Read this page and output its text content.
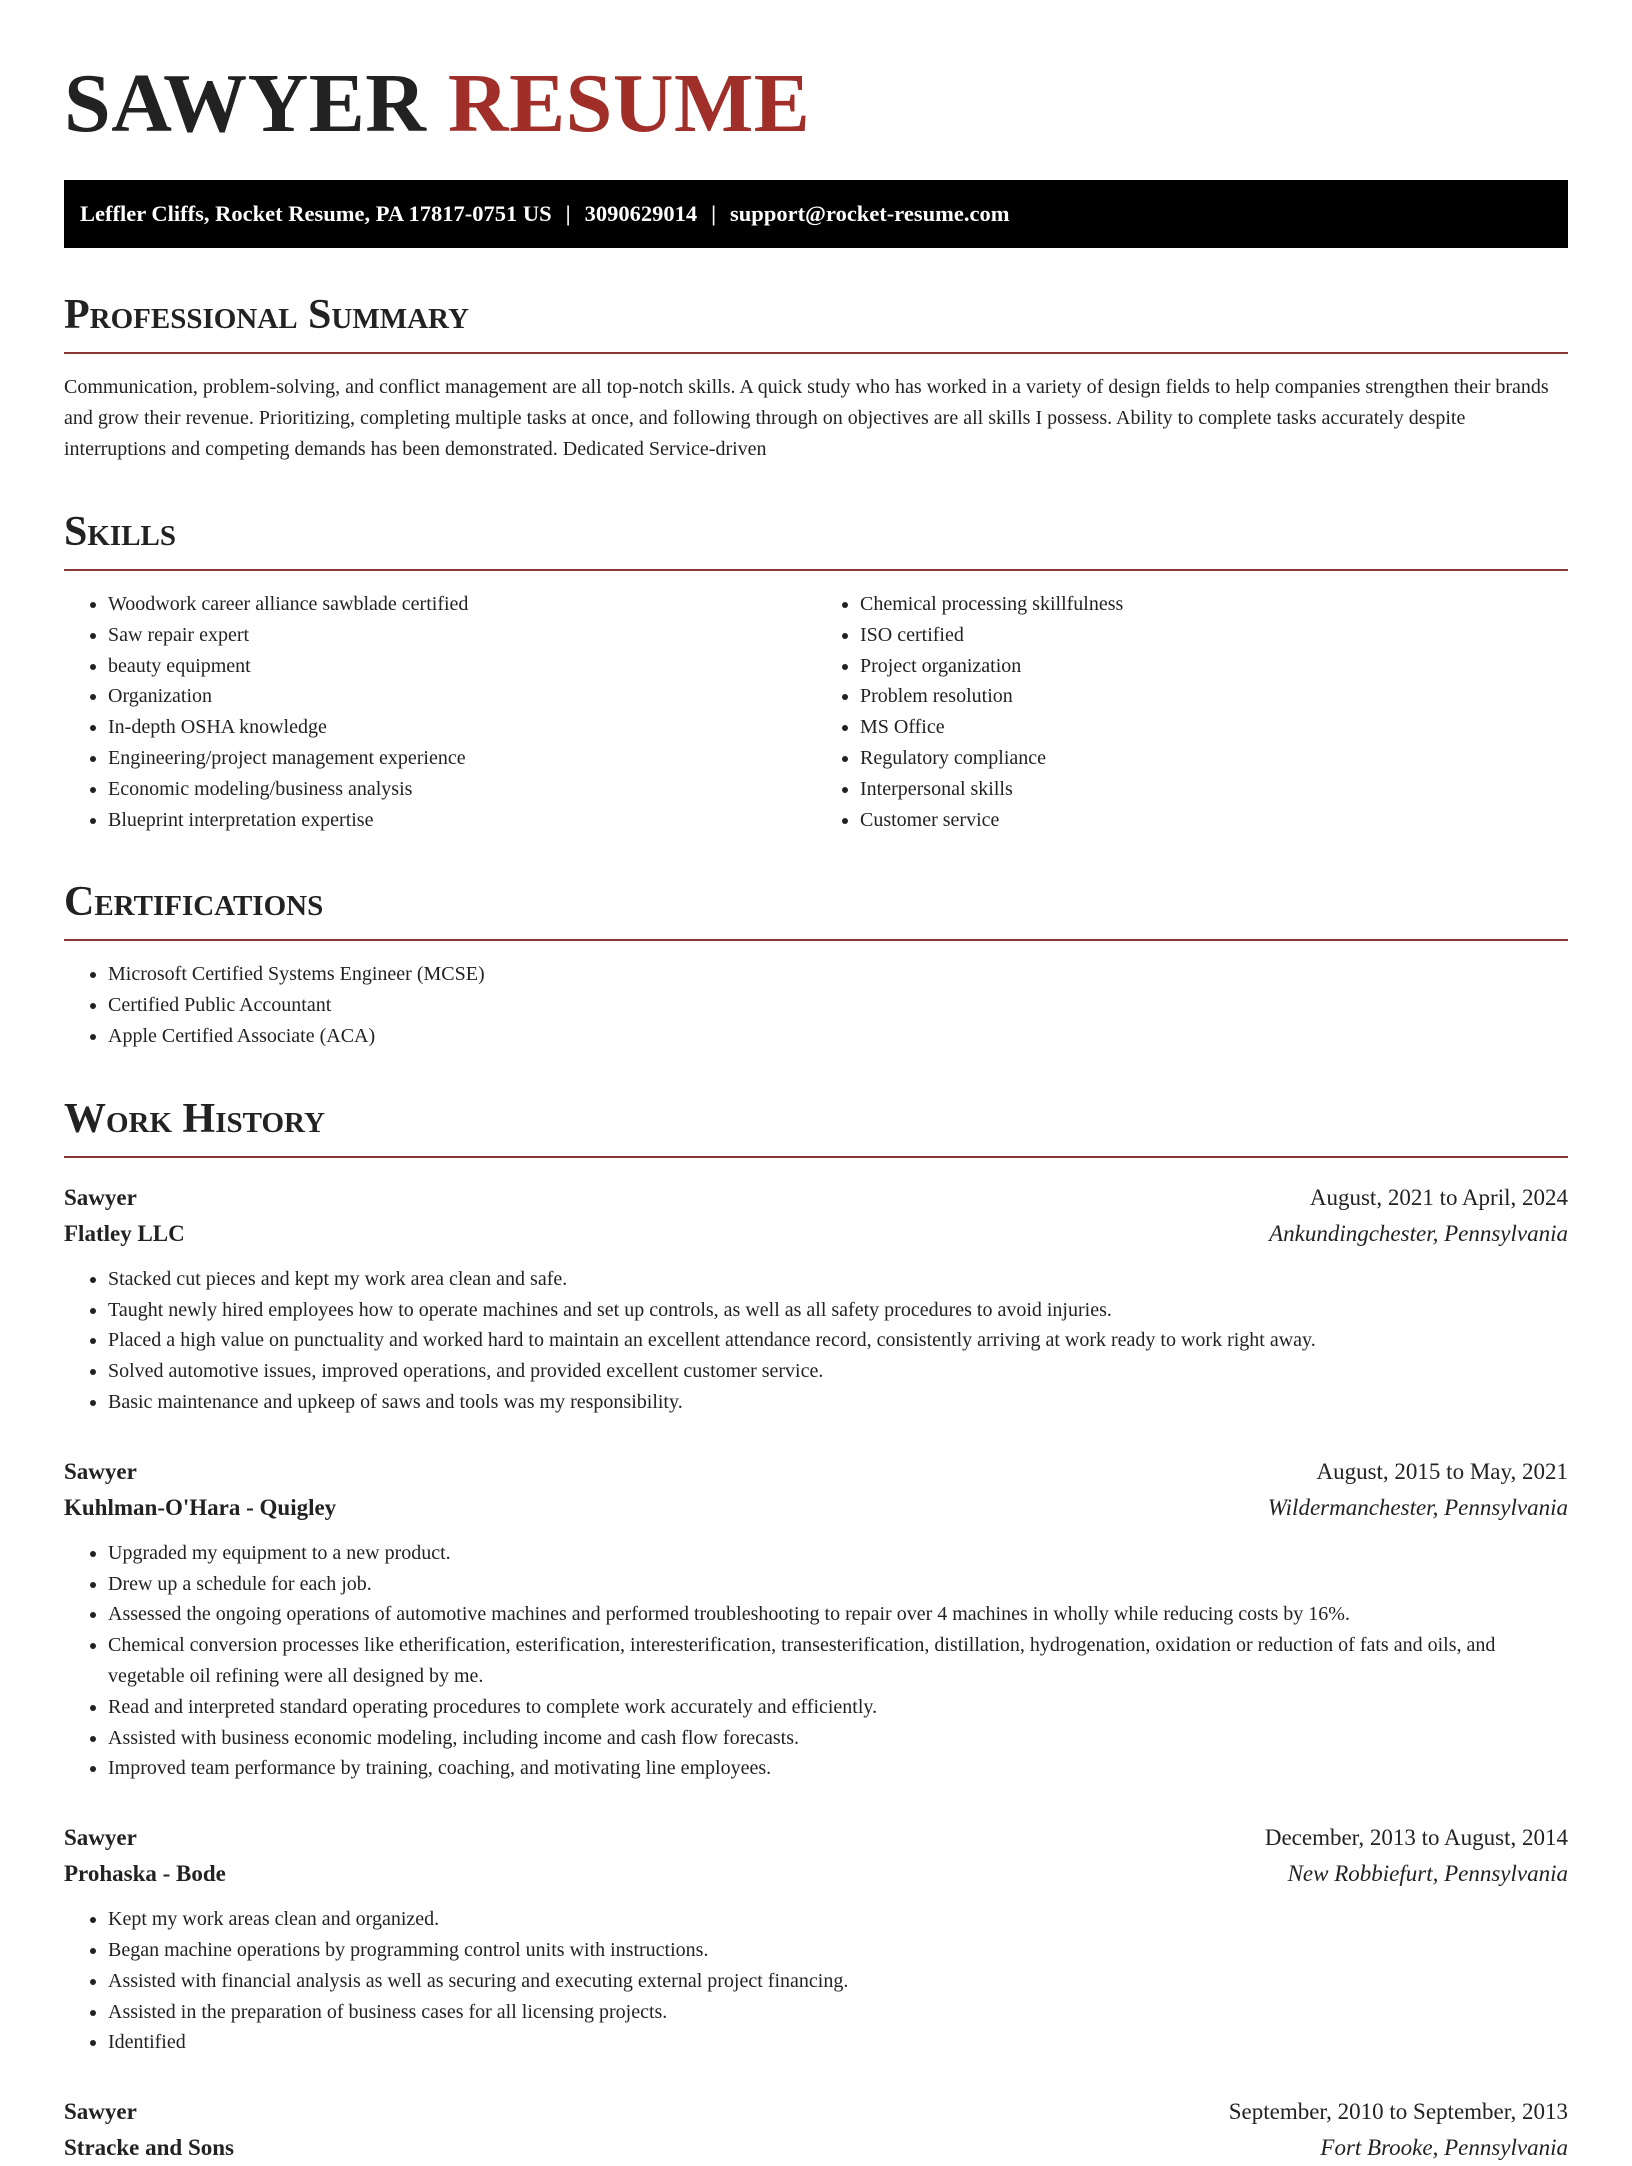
SAWYER RESUME
Leffler Cliffs, Rocket Resume, PA 17817-0751 US | 3090629014 | support@rocket-resume.com
Professional Summary

Communication, problem-solving, and conflict management are all top-notch skills. A quick study who has worked in a variety of design fields to help companies strengthen their brands and grow their revenue. Prioritizing, completing multiple tasks at once, and following through on objectives are all skills I possess. Ability to complete tasks accurately despite interruptions and competing demands has been demonstrated. Dedicated Service-driven

Skills
• Woodwork career alliance sawblade certified
• Saw repair expert
• beauty equipment
• Organization
• In-depth OSHA knowledge
• Engineering/project management experience
• Economic modeling/business analysis
• Blueprint interpretation expertise
• Chemical processing skillfulness
• ISO certified
• Project organization
• Problem resolution
• MS Office
• Regulatory compliance
• Interpersonal skills
• Customer service
Certifications
• Microsoft Certified Systems Engineer (MCSE)
• Certified Public Accountant
• Apple Certified Associate (ACA)
Work History
Sawyer	August, 2021 to April, 2024
Flatley LLC	Ankundingchester, Pennsylvania
• Stacked cut pieces and kept my work area clean and safe.
• Taught newly hired employees how to operate machines and set up controls, as well as all safety procedures to avoid injuries.
• Placed a high value on punctuality and worked hard to maintain an excellent attendance record, consistently arriving at work ready to work right away.
• Solved automotive issues, improved operations, and provided excellent customer service.
• Basic maintenance and upkeep of saws and tools was my responsibility.
Sawyer	August, 2015 to May, 2021
Kuhlman-O'Hara - Quigley	Wildermanchester, Pennsylvania
• Upgraded my equipment to a new product.
• Drew up a schedule for each job.
• Assessed the ongoing operations of automotive machines and performed troubleshooting to repair over 4 machines in wholly while reducing costs by 16%.
• Chemical conversion processes like etherification, esterification, interesterification, transesterification, distillation, hydrogenation, oxidation or reduction of fats and oils, and vegetable oil refining were all designed by me.
• Read and interpreted standard operating procedures to complete work accurately and efficiently.
• Assisted with business economic modeling, including income and cash flow forecasts.
• Improved team performance by training, coaching, and motivating line employees.
Sawyer	December, 2013 to August, 2014
Prohaska - Bode	New Robbiefurt, Pennsylvania
• Kept my work areas clean and organized.
• Began machine operations by programming control units with instructions.
• Assisted with financial analysis as well as securing and executing external project financing.
• Assisted in the preparation of business cases for all licensing projects.
• Identified
Sawyer	September, 2010 to September, 2013
Stracke and Sons	Fort Brooke, Pennsylvania
